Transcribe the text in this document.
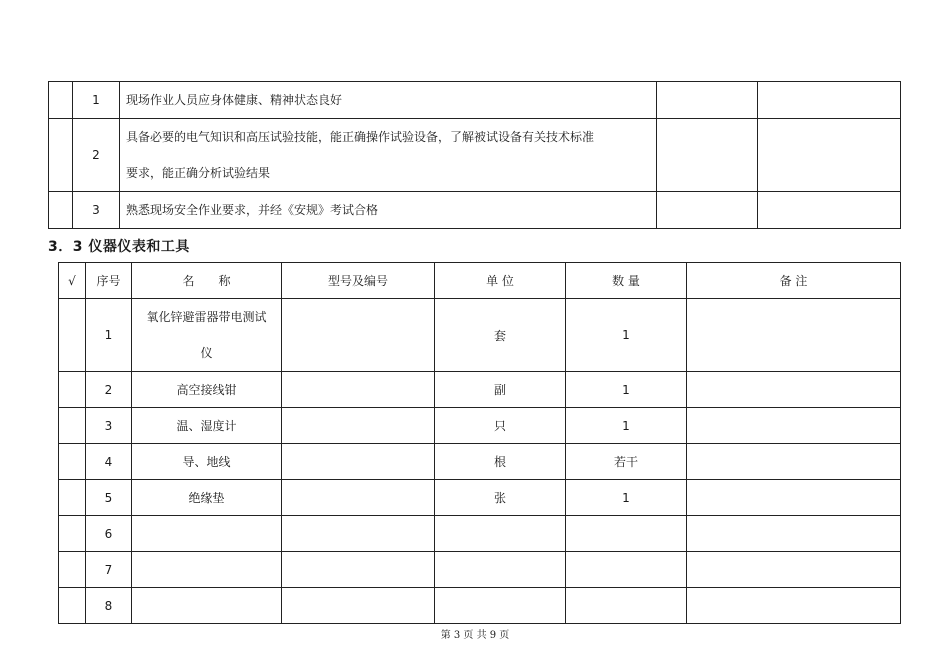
	1	现场作业人员应身体健康、精神状态良好		
	2	具备必要的电气知识和高压试验技能，能正确操作试验设备，了解被试设备有关技术标准
要求，能正确分析试验结果		

	3	熟悉现场安全作业要求，并经《安规》考试合格		
3．3 仪器仪表和工具
√	序号	名　　称	型号及编号	单 位	数 量	备 注
	1	氧化锌避雷器带电测试
仪		套	1	
	2	高空接线钳		副	1	
	3	温、湿度计		只	1	
	4	导、地线		根	若干	
	5	绝缘垫		张	1	
	6					
	7					
	8					
第 3 页 共 9 页
